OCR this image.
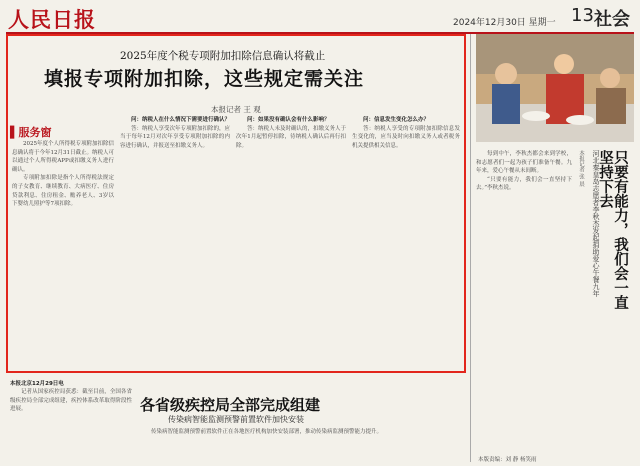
人民日报	2024年12月30日 星期一 13 社会
2025年度个税专项附加扣除信息确认将截止
填报专项附加扣除，这些规定需关注
本报记者 王 观
▌服务窗

2025年度个人所得税专项附加扣除信息确认将于今年12月31日截止。纳税人可以通过个人所得税APP或扣缴义务人进行确认。

专项附加扣除是指个人所得税法规定的子女教育、继续教育、大病医疗、住房贷款利息、住房租金、赡养老人、3岁以下婴幼儿照护等7项扣除。

问：纳税人在什么情况下需要进行确认？

答：纳税人享受次年专项附加扣除的，应当于每年12月对次年享受专项附加扣除的内容进行确认，并报送至扣缴义务人。

问：如果没有确认会有什么影响？

答：纳税人未及时确认的，扣缴义务人于次年1月起暂停扣除，待纳税人确认后再行扣除。

问：信息发生变化怎么办？

答：纳税人享受的专项附加扣除信息发生变化的，应当及时向扣缴义务人或者税务机关提供相关信息。

只要有能力，我们会一直坚持下去
河北秦皇岛志愿者李秋杰发起捐助爱心午餐九年
本报记者 张 晨

每到中午，李秋杰都会来到学校，和志愿者们一起为孩子们准备午餐。九年来，爱心午餐从未间断。

“只要有能力，我们会一直坚持下去。”李秋杰说。

本版责编：刘 静 杨笑雨
本报北京12月29日电

记者从国家疾控局获悉：截至目前，全国各省级疾控局全部完成组建，疾控体系改革取得阶段性进展。	各省级疾控局全部完成组建
传染病智能监测预警前置软件加快安装

传染病智能监测预警前置软件正在各地医疗机构加快安装部署，推动传染病监测预警能力提升。
